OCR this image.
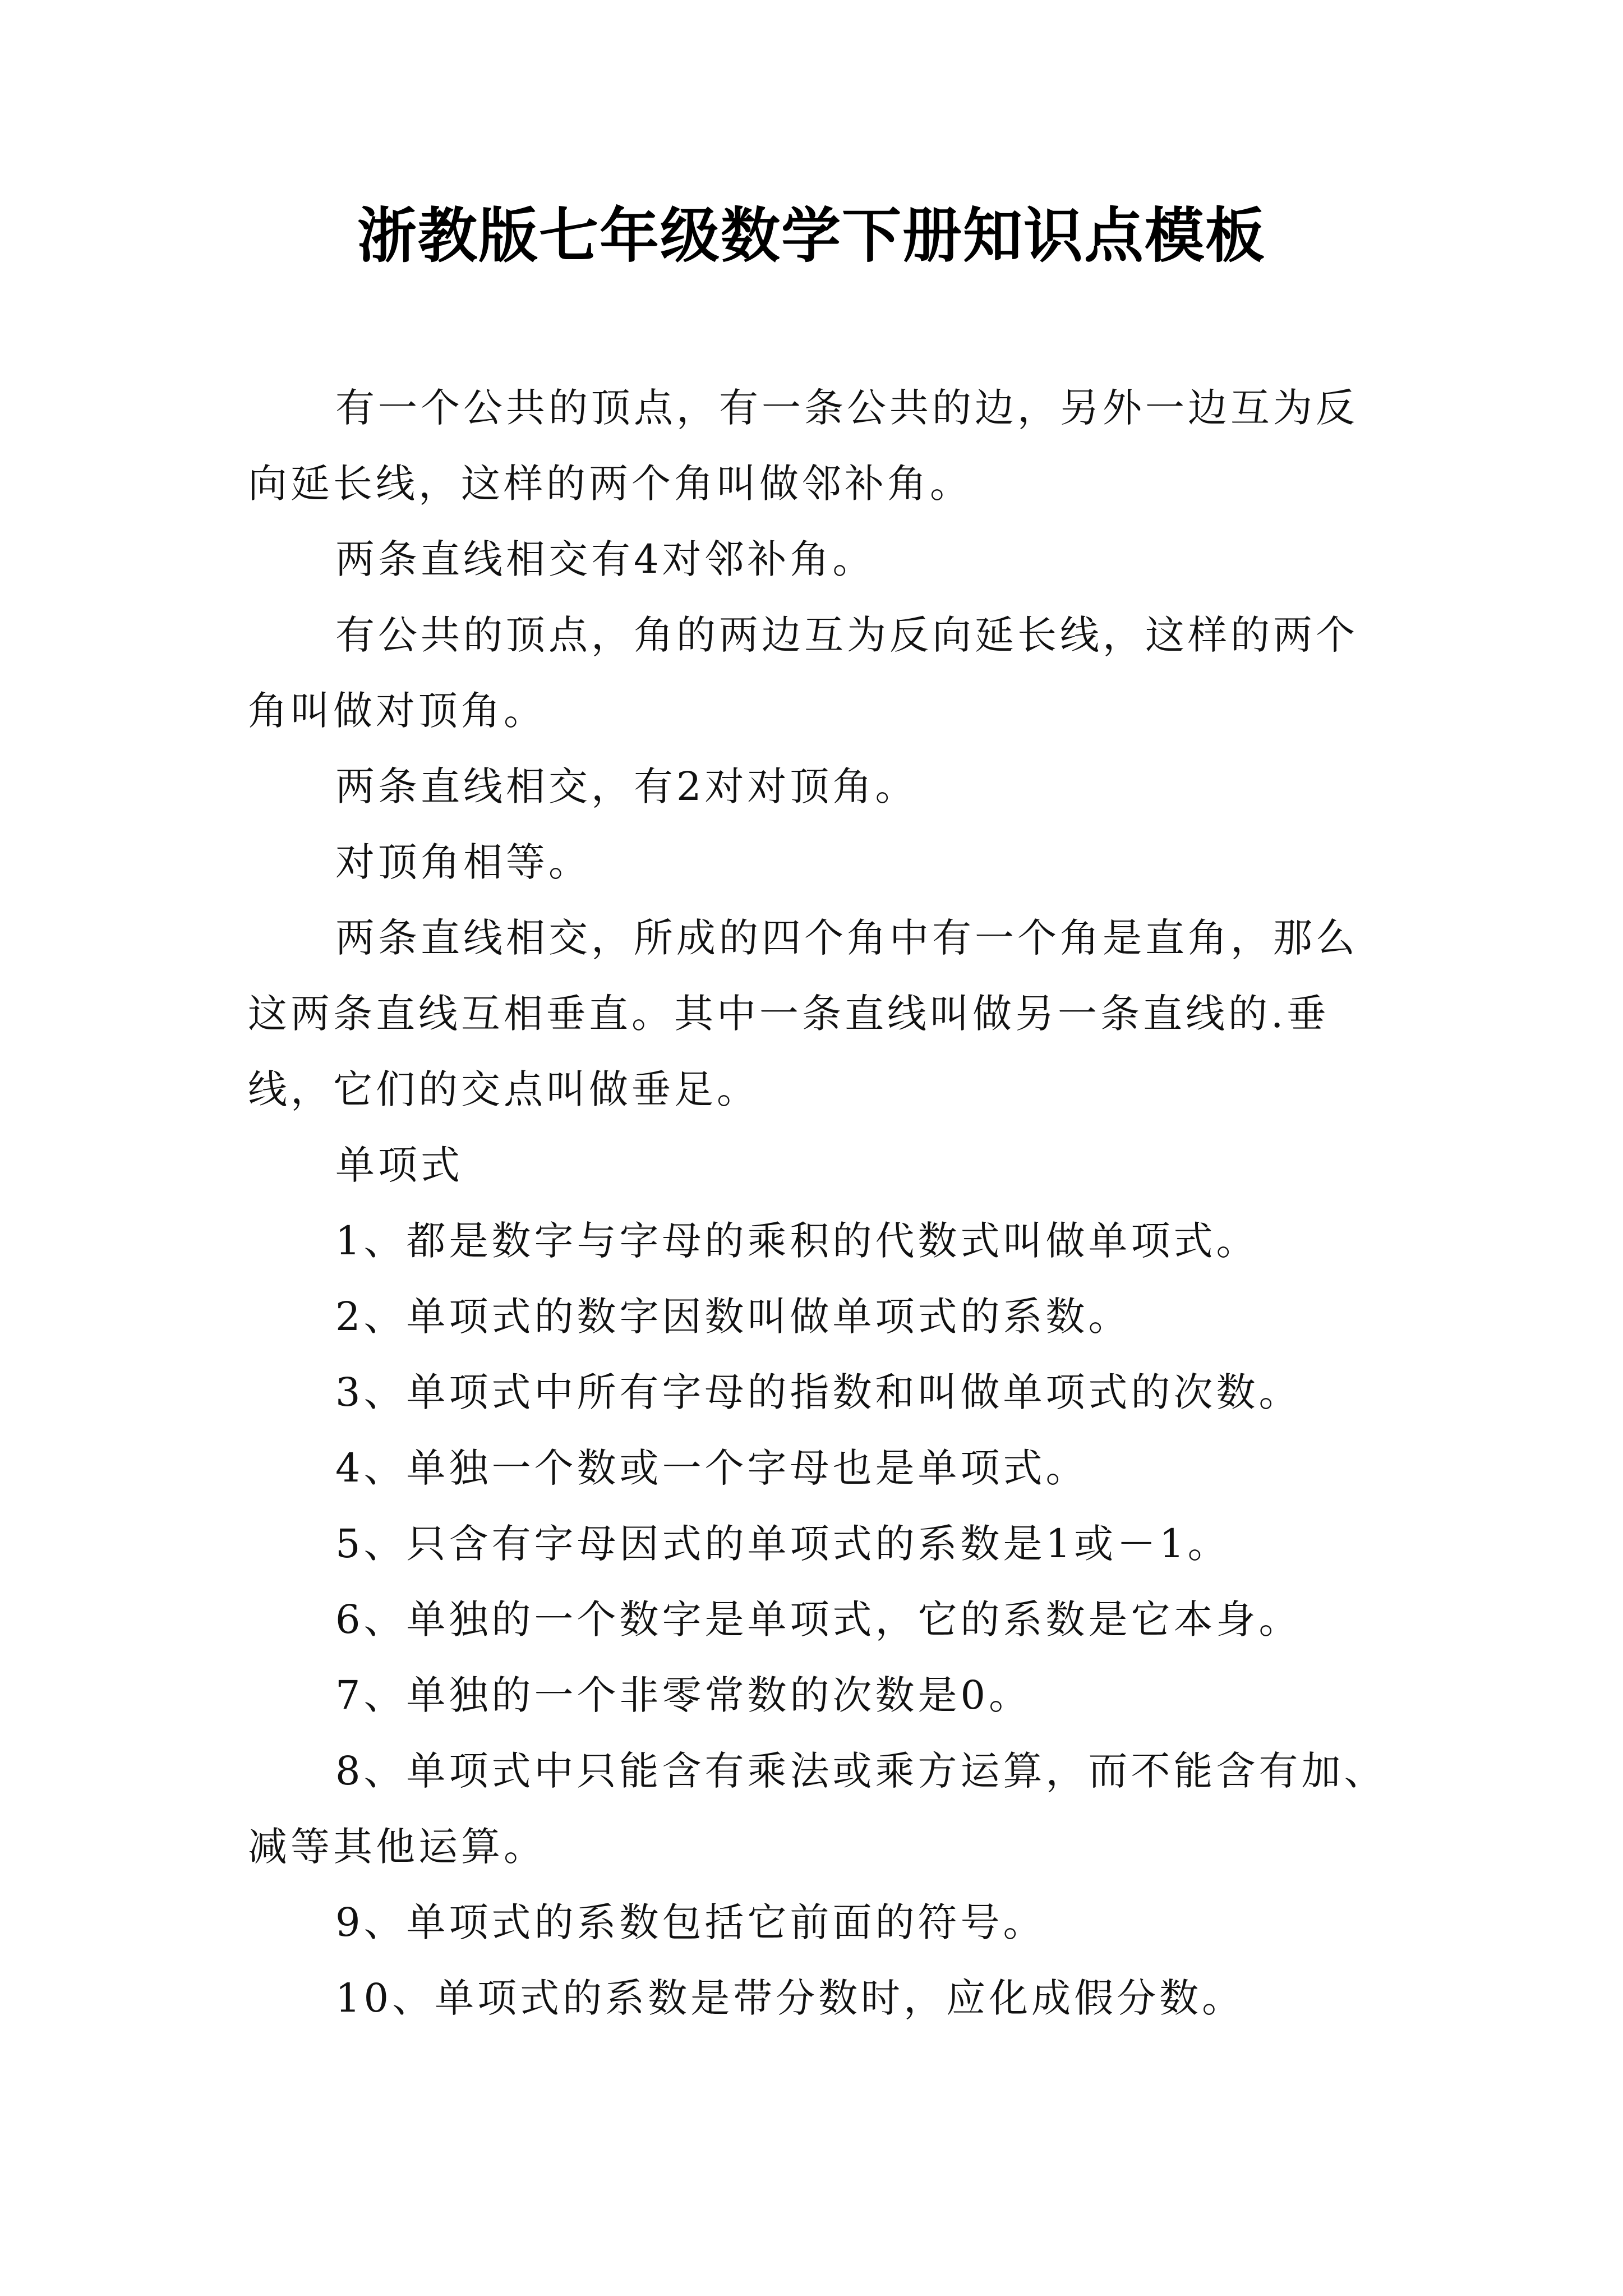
浙教版七年级数学下册知识点模板

有一个公共的顶点，有一条公共的边，另外一边互为反向延长线，这样的两个角叫做邻补角。

两条直线相交有4对邻补角。

有公共的顶点，角的两边互为反向延长线，这样的两个角叫做对顶角。

两条直线相交，有2对对顶角。

对顶角相等。

两条直线相交，所成的四个角中有一个角是直角，那么这两条直线互相垂直。其中一条直线叫做另一条直线的.垂线，它们的交点叫做垂足。

单项式

1、都是数字与字母的乘积的代数式叫做单项式。

2、单项式的数字因数叫做单项式的系数。

3、单项式中所有字母的指数和叫做单项式的次数。

4、单独一个数或一个字母也是单项式。

5、只含有字母因式的单项式的系数是1或－1。

6、单独的一个数字是单项式，它的系数是它本身。

7、单独的一个非零常数的次数是0。

8、单项式中只能含有乘法或乘方运算，而不能含有加、减等其他运算。

9、单项式的系数包括它前面的符号。

10、单项式的系数是带分数时，应化成假分数。
